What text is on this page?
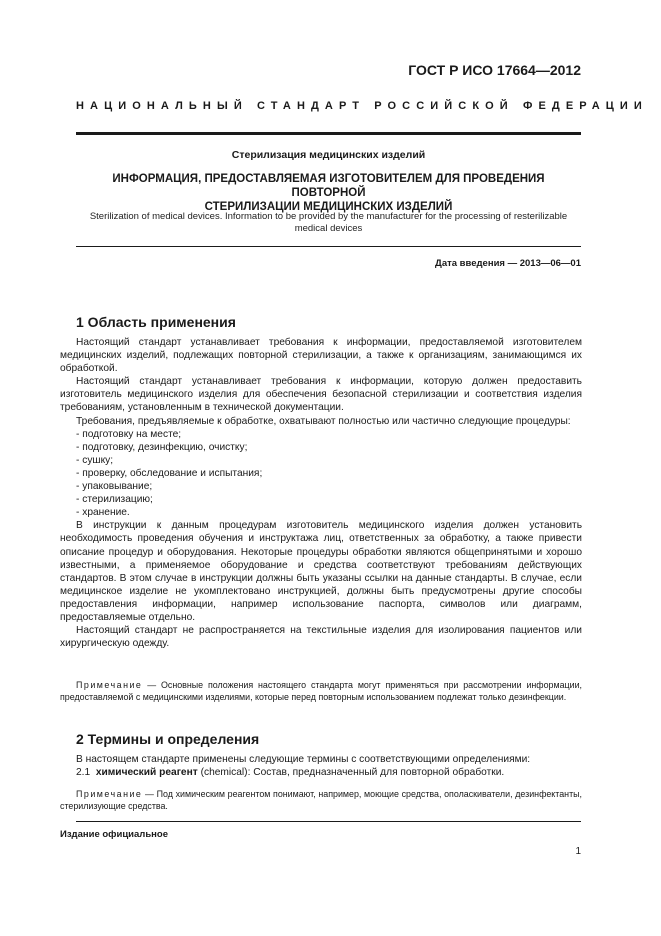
ГОСТ Р ИСО 17664—2012
НАЦИОНАЛЬНЫЙ СТАНДАРТ РОССИЙСКОЙ ФЕДЕРАЦИИ
Стерилизация медицинских изделий
ИНФОРМАЦИЯ, ПРЕДОСТАВЛЯЕМАЯ ИЗГОТОВИТЕЛЕМ ДЛЯ ПРОВЕДЕНИЯ ПОВТОРНОЙ
СТЕРИЛИЗАЦИИ МЕДИЦИНСКИХ ИЗДЕЛИЙ
Sterilization of medical devices. Information to be provided by the manufacturer for the processing of resterilizable
medical devices
Дата введения — 2013—06—01
1 Область применения

Настоящий стандарт устанавливает требования к информации, предоставляемой изготовителем медицинских изделий, подлежащих повторной стерилизации, а также к организациям, занимающимся их обработкой.

Настоящий стандарт устанавливает требования к информации, которую должен предоставить изготовитель медицинского изделия для обеспечения безопасной стерилизации и соответствия изделия требованиям, установленным в технической документации.

Требования, предъявляемые к обработке, охватывают полностью или частично следующие процедуры:

- подготовку на месте;

- подготовку, дезинфекцию, очистку;

- сушку;

- проверку, обследование и испытания;

- упаковывание;

- стерилизацию;

- хранение.

В инструкции к данным процедурам изготовитель медицинского изделия должен установить необходимость проведения обучения и инструктажа лиц, ответственных за обработку, а также привести описание процедур и оборудования. Некоторые процедуры обработки являются общепринятыми и хорошо известными, а применяемое оборудование и средства соответствуют требованиям действующих стандартов. В этом случае в инструкции должны быть указаны ссылки на данные стандарты. В случае, если медицинское изделие не укомплектовано инструкцией, должны быть предусмотрены другие способы предоставления информации, например использование паспорта, символов или диаграмм, предоставляемые отдельно.

Настоящий стандарт не распространяется на текстильные изделия для изолирования пациентов или хирургическую одежду.

Примечание — Основные положения настоящего стандарта могут применяться при рассмотрении информации, предоставляемой с медицинскими изделиями, которые перед повторным использованием подлежат только дезинфекции.

2 Термины и определения

В настоящем стандарте применены следующие термины с соответствующими определениями:

2.1 химический реагент (chemical): Состав, предназначенный для повторной обработки.

Примечание — Под химическим реагентом понимают, например, моющие средства, ополаскиватели, дезинфектанты, стерилизующие средства.

Издание официальное
1
